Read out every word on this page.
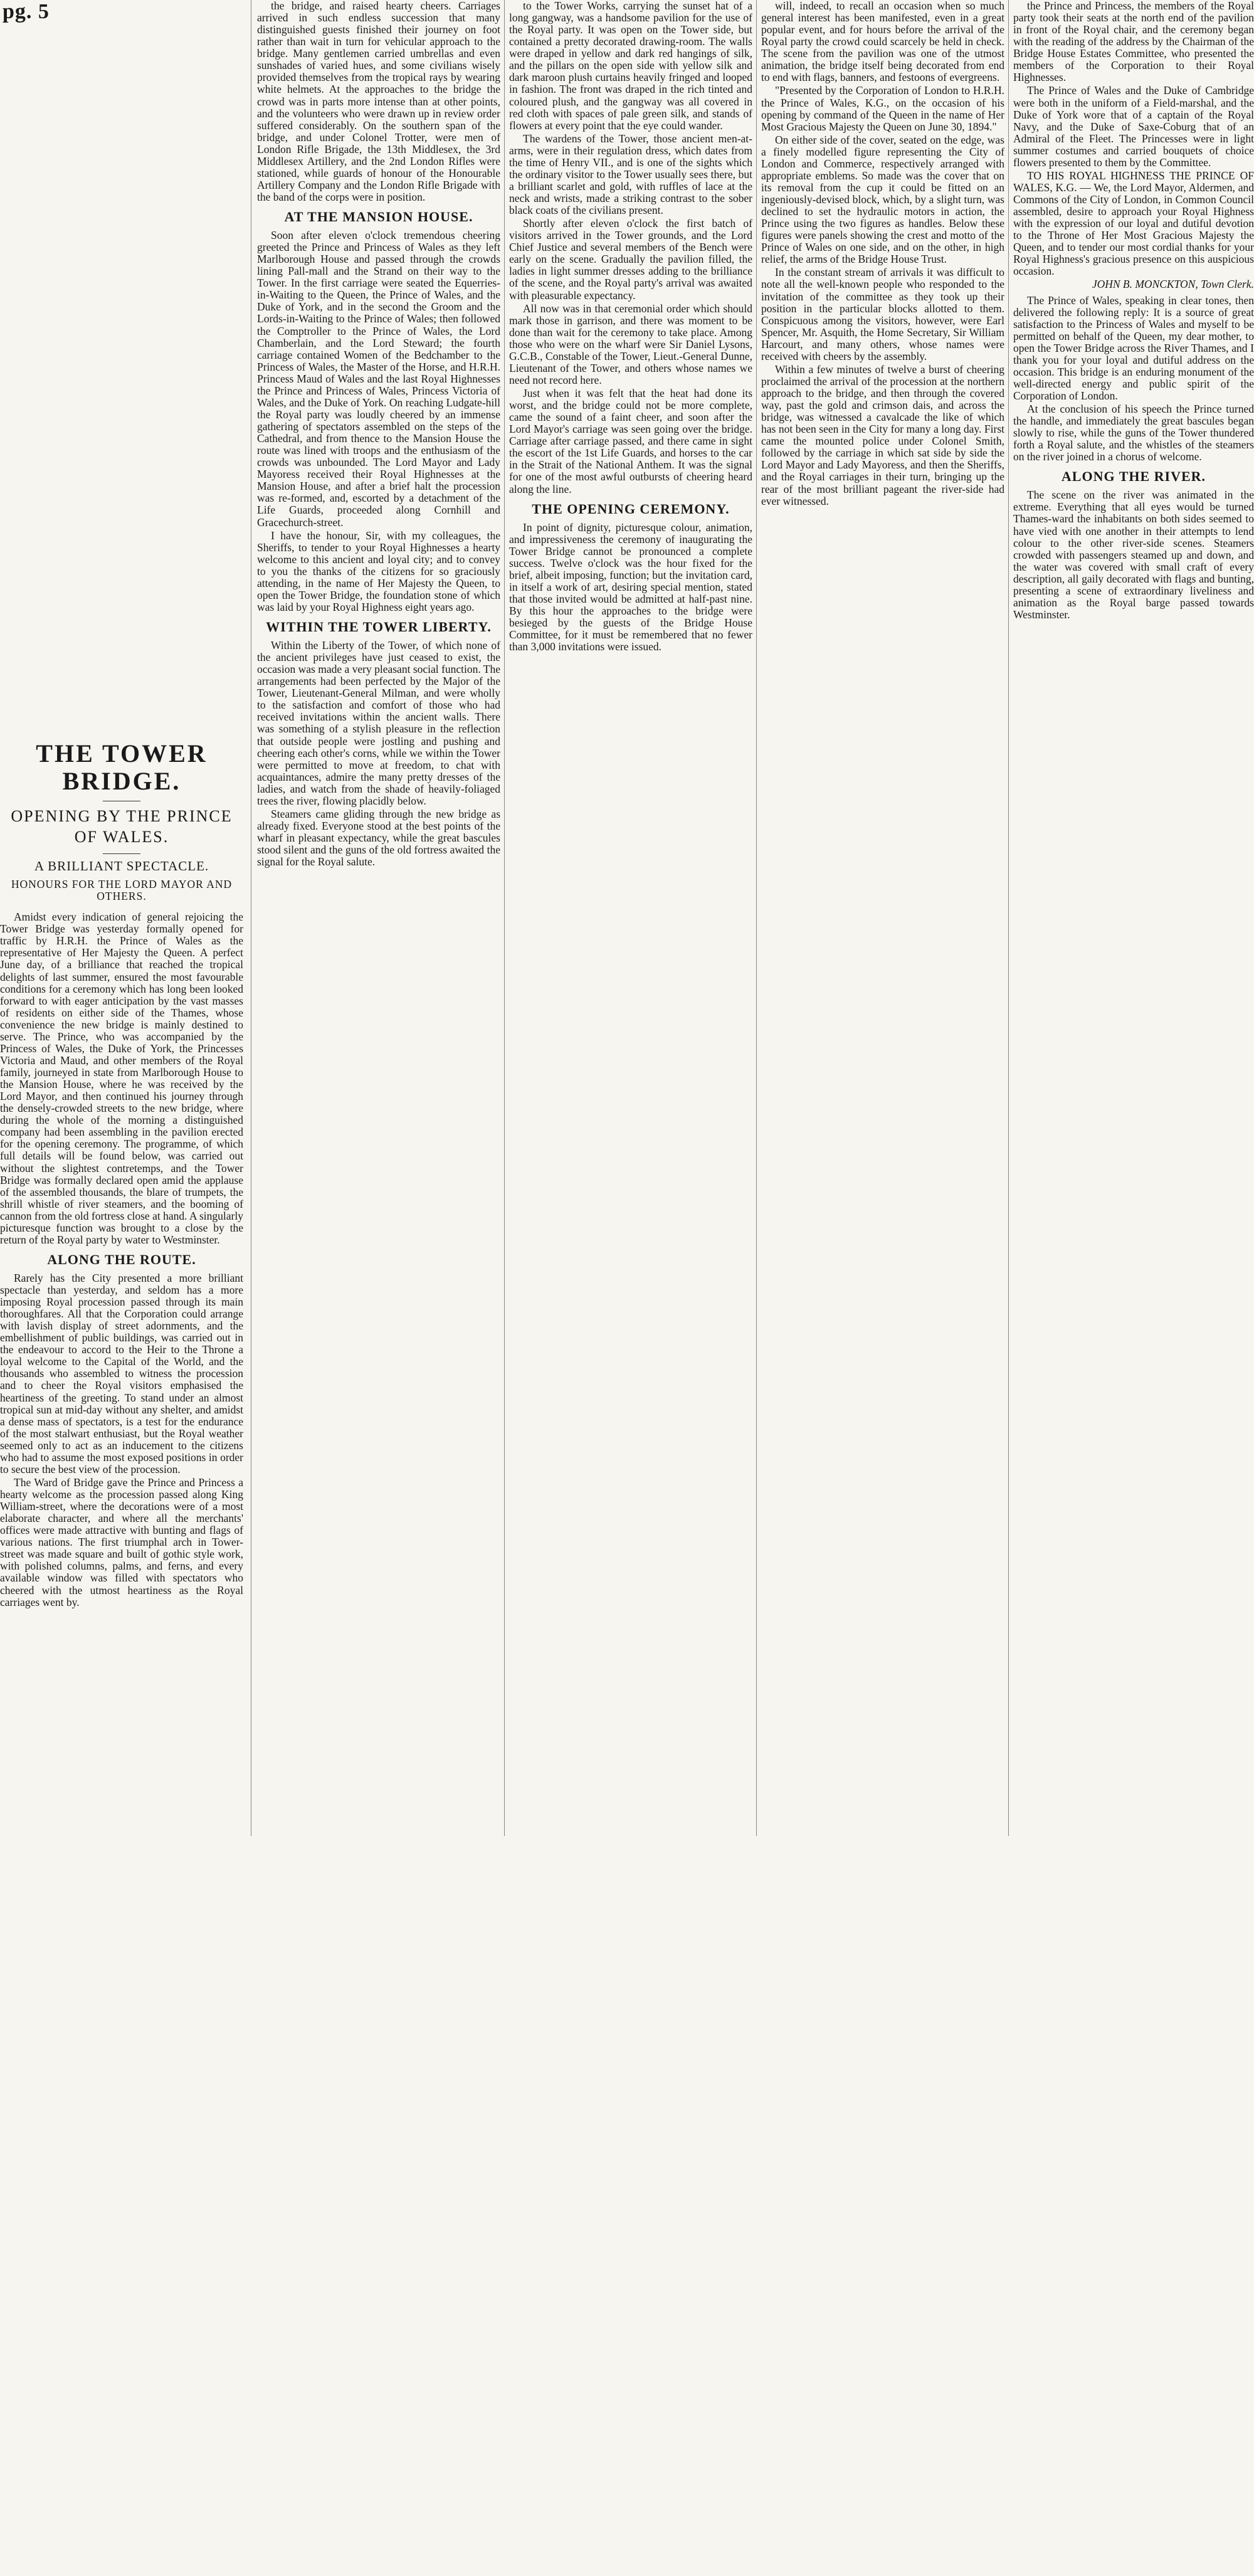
pg. 5
THE TOWER BRIDGE.
OPENING BY THE PRINCE OF WALES.
A BRILLIANT SPECTACLE.
HONOURS FOR THE LORD MAYOR AND OTHERS.

Amidst every indication of general rejoicing the Tower Bridge was yesterday formally opened for traffic by H.R.H. the Prince of Wales as the representative of Her Majesty the Queen. A perfect June day, of a brilliance that reached the tropical delights of last summer, ensured the most favourable conditions for a ceremony which has long been looked forward to with eager anticipation by the vast masses of residents on either side of the Thames, whose convenience the new bridge is mainly destined to serve. The Prince, who was accompanied by the Princess of Wales, the Duke of York, the Princesses Victoria and Maud, and other members of the Royal family, journeyed in state from Marlborough House to the Mansion House, where he was received by the Lord Mayor, and then continued his journey through the densely-crowded streets to the new bridge, where during the whole of the morning a distinguished company had been assembling in the pavilion erected for the opening ceremony. The programme, of which full details will be found below, was carried out without the slightest contretemps, and the Tower Bridge was formally declared open amid the applause of the assembled thousands, the blare of trumpets, the shrill whistle of river steamers, and the booming of cannon from the old fortress close at hand. A singularly picturesque function was brought to a close by the return of the Royal party by water to Westminster.

ALONG THE ROUTE.

Rarely has the City presented a more brilliant spectacle than yesterday, and seldom has a more imposing Royal procession passed through its main thoroughfares. All that the Corporation could arrange with lavish display of street adornments, and the embellishment of public buildings, was carried out in the endeavour to accord to the Heir to the Throne a loyal welcome to the Capital of the World, and the thousands who assembled to witness the procession and to cheer the Royal visitors emphasised the heartiness of the greeting. To stand under an almost tropical sun at mid-day without any shelter, and amidst a dense mass of spectators, is a test for the endurance of the most stalwart enthusiast, but the Royal weather seemed only to act as an inducement to the citizens who had to assume the most exposed positions in order to secure the best view of the procession.

The Ward of Bridge gave the Prince and Princess a hearty welcome as the procession passed along King William-street, where the decorations were of a most elaborate character, and where all the merchants' offices were made attractive with bunting and flags of various nations. The first triumphal arch in Tower-street was made square and built of gothic style work, with polished columns, palms, and ferns, and every available window was filled with spectators who cheered with the utmost heartiness as the Royal carriages went by.

the bridge, and raised hearty cheers. Carriages arrived in such endless succession that many distinguished guests finished their journey on foot rather than wait in turn for vehicular approach to the bridge. Many gentlemen carried umbrellas and even sunshades of varied hues, and some civilians wisely provided themselves from the tropical rays by wearing white helmets. At the approaches to the bridge the crowd was in parts more intense than at other points, and the volunteers who were drawn up in review order suffered considerably. On the southern span of the bridge, and under Colonel Trotter, were men of London Rifle Brigade, the 13th Middlesex, the 3rd Middlesex Artillery, and the 2nd London Rifles were stationed, while guards of honour of the Honourable Artillery Company and the London Rifle Brigade with the band of the corps were in position.

AT THE MANSION HOUSE.

Soon after eleven o'clock tremendous cheering greeted the Prince and Princess of Wales as they left Marlborough House and passed through the crowds lining Pall-mall and the Strand on their way to the Tower. In the first carriage were seated the Equerries-in-Waiting to the Queen, the Prince of Wales, and the Duke of York, and in the second the Groom and the Lords-in-Waiting to the Prince of Wales; then followed the Comptroller to the Prince of Wales, the Lord Chamberlain, and the Lord Steward; the fourth carriage contained Women of the Bedchamber to the Princess of Wales, the Master of the Horse, and H.R.H. Princess Maud of Wales and the last Royal Highnesses the Prince and Princess of Wales, Princess Victoria of Wales, and the Duke of York. On reaching Ludgate-hill the Royal party was loudly cheered by an immense gathering of spectators assembled on the steps of the Cathedral, and from thence to the Mansion House the route was lined with troops and the enthusiasm of the crowds was unbounded. The Lord Mayor and Lady Mayoress received their Royal Highnesses at the Mansion House, and after a brief halt the procession was re-formed, and, escorted by a detachment of the Life Guards, proceeded along Cornhill and Gracechurch-street.

I have the honour, Sir, with my colleagues, the Sheriffs, to tender to your Royal Highnesses a hearty welcome to this ancient and loyal city; and to convey to you the thanks of the citizens for so graciously attending, in the name of Her Majesty the Queen, to open the Tower Bridge, the foundation stone of which was laid by your Royal Highness eight years ago.

WITHIN THE TOWER LIBERTY.

Within the Liberty of the Tower, of which none of the ancient privileges have just ceased to exist, the occasion was made a very pleasant social function. The arrangements had been perfected by the Major of the Tower, Lieutenant-General Milman, and were wholly to the satisfaction and comfort of those who had received invitations within the ancient walls. There was something of a stylish pleasure in the reflection that outside people were jostling and pushing and cheering each other's corns, while we within the Tower were permitted to move at freedom, to chat with acquaintances, admire the many pretty dresses of the ladies, and watch from the shade of heavily-foliaged trees the river, flowing placidly below.

Steamers came gliding through the new bridge as already fixed. Everyone stood at the best points of the wharf in pleasant expectancy, while the great bascules stood silent and the guns of the old fortress awaited the signal for the Royal salute.

to the Tower Works, carrying the sunset hat of a long gangway, was a handsome pavilion for the use of the Royal party. It was open on the Tower side, but contained a pretty decorated drawing-room. The walls were draped in yellow and dark red hangings of silk, and the pillars on the open side with yellow silk and dark maroon plush curtains heavily fringed and looped in fashion. The front was draped in the rich tinted and coloured plush, and the gangway was all covered in red cloth with spaces of pale green silk, and stands of flowers at every point that the eye could wander.

The wardens of the Tower, those ancient men-at-arms, were in their regulation dress, which dates from the time of Henry VII., and is one of the sights which the ordinary visitor to the Tower usually sees there, but a brilliant scarlet and gold, with ruffles of lace at the neck and wrists, made a striking contrast to the sober black coats of the civilians present.

Shortly after eleven o'clock the first batch of visitors arrived in the Tower grounds, and the Lord Chief Justice and several members of the Bench were early on the scene. Gradually the pavilion filled, the ladies in light summer dresses adding to the brilliance of the scene, and the Royal party's arrival was awaited with pleasurable expectancy.

All now was in that ceremonial order which should mark those in garrison, and there was moment to be done than wait for the ceremony to take place. Among those who were on the wharf were Sir Daniel Lysons, G.C.B., Constable of the Tower, Lieut.-General Dunne, Lieutenant of the Tower, and others whose names we need not record here.

Just when it was felt that the heat had done its worst, and the bridge could not be more complete, came the sound of a faint cheer, and soon after the Lord Mayor's carriage was seen going over the bridge. Carriage after carriage passed, and there came in sight the escort of the 1st Life Guards, and horses to the car in the Strait of the National Anthem. It was the signal for one of the most awful outbursts of cheering heard along the line.

THE OPENING CEREMONY.

In point of dignity, picturesque colour, animation, and impressiveness the ceremony of inaugurating the Tower Bridge cannot be pronounced a complete success. Twelve o'clock was the hour fixed for the brief, albeit imposing, function; but the invitation card, in itself a work of art, desiring special mention, stated that those invited would be admitted at half-past nine. By this hour the approaches to the bridge were besieged by the guests of the Bridge House Committee, for it must be remembered that no fewer than 3,000 invitations were issued.

will, indeed, to recall an occasion when so much general interest has been manifested, even in a great popular event, and for hours before the arrival of the Royal party the crowd could scarcely be held in check. The scene from the pavilion was one of the utmost animation, the bridge itself being decorated from end to end with flags, banners, and festoons of evergreens.

"Presented by the Corporation of London to H.R.H. the Prince of Wales, K.G., on the occasion of his opening by command of the Queen in the name of Her Most Gracious Majesty the Queen on June 30, 1894."

On either side of the cover, seated on the edge, was a finely modelled figure representing the City of London and Commerce, respectively arranged with appropriate emblems. So made was the cover that on its removal from the cup it could be fitted on an ingeniously-devised block, which, by a slight turn, was declined to set the hydraulic motors in action, the Prince using the two figures as handles. Below these figures were panels showing the crest and motto of the Prince of Wales on one side, and on the other, in high relief, the arms of the Bridge House Trust.

In the constant stream of arrivals it was difficult to note all the well-known people who responded to the invitation of the committee as they took up their position in the particular blocks allotted to them. Conspicuous among the visitors, however, were Earl Spencer, Mr. Asquith, the Home Secretary, Sir William Harcourt, and many others, whose names were received with cheers by the assembly.

Within a few minutes of twelve a burst of cheering proclaimed the arrival of the procession at the northern approach to the bridge, and then through the covered way, past the gold and crimson dais, and across the bridge, was witnessed a cavalcade the like of which has not been seen in the City for many a long day. First came the mounted police under Colonel Smith, followed by the carriage in which sat side by side the Lord Mayor and Lady Mayoress, and then the Sheriffs, and the Royal carriages in their turn, bringing up the rear of the most brilliant pageant the river-side had ever witnessed.

the Prince and Princess, the members of the Royal party took their seats at the north end of the pavilion in front of the Royal chair, and the ceremony began with the reading of the address by the Chairman of the Bridge House Estates Committee, who presented the members of the Corporation to their Royal Highnesses.

The Prince of Wales and the Duke of Cambridge were both in the uniform of a Field-marshal, and the Duke of York wore that of a captain of the Royal Navy, and the Duke of Saxe-Coburg that of an Admiral of the Fleet. The Princesses were in light summer costumes and carried bouquets of choice flowers presented to them by the Committee.

TO HIS ROYAL HIGHNESS THE PRINCE OF WALES, K.G. — We, the Lord Mayor, Aldermen, and Commons of the City of London, in Common Council assembled, desire to approach your Royal Highness with the expression of our loyal and dutiful devotion to the Throne of Her Most Gracious Majesty the Queen, and to tender our most cordial thanks for your Royal Highness's gracious presence on this auspicious occasion.

JOHN B. MONCKTON, Town Clerk.

The Prince of Wales, speaking in clear tones, then delivered the following reply: It is a source of great satisfaction to the Princess of Wales and myself to be permitted on behalf of the Queen, my dear mother, to open the Tower Bridge across the River Thames, and I thank you for your loyal and dutiful address on the occasion. This bridge is an enduring monument of the well-directed energy and public spirit of the Corporation of London.

At the conclusion of his speech the Prince turned the handle, and immediately the great bascules began slowly to rise, while the guns of the Tower thundered forth a Royal salute, and the whistles of the steamers on the river joined in a chorus of welcome.

ALONG THE RIVER.

The scene on the river was animated in the extreme. Everything that all eyes would be turned Thames-ward the inhabitants on both sides seemed to have vied with one another in their attempts to lend colour to the other river-side scenes. Steamers crowded with passengers steamed up and down, and the water was covered with small craft of every description, all gaily decorated with flags and bunting, presenting a scene of extraordinary liveliness and animation as the Royal barge passed towards Westminster.
